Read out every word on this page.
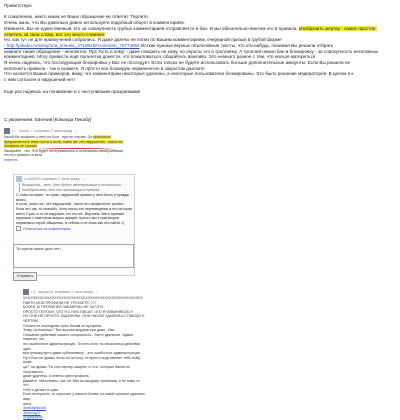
Приветствую

К сожалению, никто никак не Ваше обращение не ответит. Терпите.

Очень жаль, что Вы довольно давно используете подобный оборот в комментариях.

Извините, Вы не единственный, кто за совокупность грубых комментариев отправляется в бан. И мы обязательно внесем это в правила. Изобразить жертву - самое простое,

ответить за свои слова, вот это много сложнее.

Но, как тут не для нравоучений собрались. Я даже далеко не полез по Вашим комментариям, очередной призыв в грубой форме

- http://pikabu.ru/story/ona_vmesta_4719549#comment_79773863 Исткак нужные верные объективные тексты, что кто-нибудь, понимая Вы решили отбрать

немного также обращение - неэлектно. Прс 'Ксть и хому' - даже говорить не кому, но опросы это в троллинку. А троллей немно бан и блокировку - за совокупность негативных

комментариев. Могу привести ещё пальчетка донести, что пожаловаться, общайтесь вежливо. Это немного разное с тем, что нельзя материться

Я очень надеюсь, что последующая блокировка у Вас не последует. Если только не будете использовать больше дополнительные аккаунты. Если Вы решили не

исполнить правила - так и скажите. Я просто все блокирую перманентно в закрытом диалоге!

Что касается Ваших примеров, вижу, что комментарии некоторые удалены, а некоторые пользователи блокированы. Это было решение модераторов. В целом я к

с ним согласен и нарушений нет!

Еще раз надеюсь на понимание и с наступившим праздниками!

С уважением, Евгений [Команда Пикабу]
• ... ·lemon ✓ отправил 2 часа назад · ↓
Какой бы профиль у него не был - при не случае. Он прекрасно предлагается в теме поста и если, опять же, нет нарушений - никто его профиля не трогает
Закаряйте - нет. Это будет нетерпимостью и остальным пикабушникам, это его прямого ответа
ответить
• • 4d3313 отправил 2 часа назад · ↓
Возразить - нет. Это будет нестерпимым в остальным пикабушникам, это его провокация в прямом
С этим согласен, ты прав, нарушений правил у него было и правда много.
и если, опять же, нет нарушений - никто его профиля не трогает
Если это так, то спасибо. Хотя посты его перемещения в его истории всего 3 раз, и то не нарушил, это его же. Впрочем, бан и прямые герачини с ним никак вопрос аккаунт, просто мы с ним второе нормально перой общались, в сейчас я не знаю как это найти =(
Отписаться на комментарии
Ты курёза самое дело нет)
Отправить
• 2 - вкуры111 отправил 2 часа назад · ↓

ХХХХХХХХХХХХХХХХХХХХХХХХХХХХХХХХХХХХХХХХХХХХХХХХХХ

НИКТО МОИ ПРОФИЛИ НЕ ТРОГАЕТ!!! ???

БОЛЕЕ 10 ПРОФИЛЕЙ ЗАБАНЕНЫ НЕ ЗА ЧТО!

ПРОСТО ПОТОМУ, ЧТО Я С НИХ ПИСАЛ, ЧТО Я ИЗВИНЯЮСЬ!!!

НО ОНИ НЕ ПРОСТО ЗАБАНЕНЫ, ОНИ НАХОЙ УДАЛЕНЫ С ПИКАБУ К ЧЕРТЯМ.

Оплата по последним трем банам он профиля.

'Кому ты пишешь?' Вот высова модератора даже - бан.

Описание действий нашего специалиста - бан и удаление. Админ написал, что

это ошибочное администрация. То есть если ты начальника действия одно

выступишь(пусть даже субъективно) - это ошибочное администрация.

Ну и Бан на фразы 'если ты на хочу, то просто подставляет тебе пому ножи-

ца?' на фразы 'Ты сын партер защиты' и 'ото', которые банов не получаются,

даже удалены, а ответы ореи профиля,

Давайте, объективно, как тот бан по каждому чиновнику, и не знаю то что

тебе и делает в чуже.

Если интересно, то спросите у нашего боева, по какой причине удалены акку-

анты

@asdfghjkxzcl

@lekrdg22

@ggfgdghfh
